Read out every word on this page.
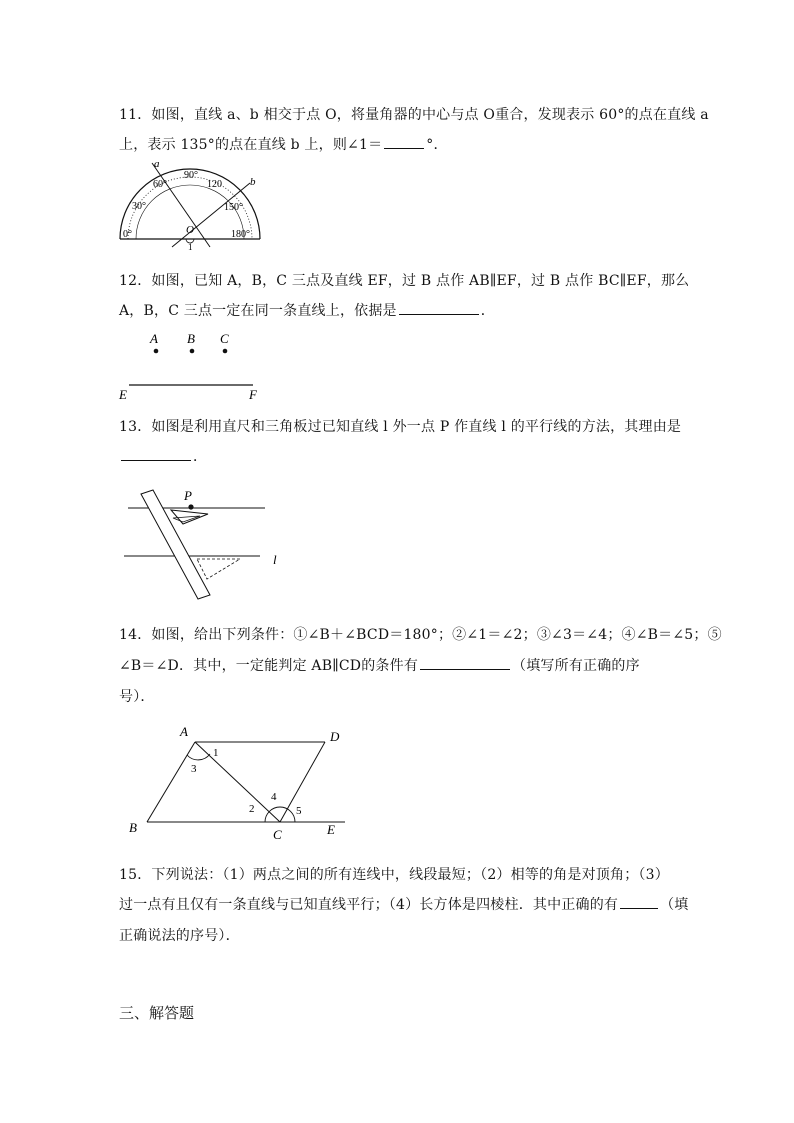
11．如图，直线 a、b 相交于点 O，将量角器的中心与点 O重合，发现表示 60°的点在直线 a
上，表示 135°的点在直线 b 上，则∠1＝	°．
a
b
O
1
0°
30°
60°
90°
120
150°
180°
12．如图，已知 A，B，C 三点及直线 EF，过 B 点作 AB∥EF，过 B 点作 BC∥EF，那么
A，B，C 三点一定在同一条直线上，依据是	．
A B C
E	F
13．如图是利用直尺和三角板过已知直线 l 外一点 P 作直线 l 的平行线的方法，其理由是
．
P
l
14．如图，给出下列条件：①∠B＋∠BCD＝180°；②∠1＝∠2；③∠3＝∠4；④∠B＝∠5；⑤
∠B＝∠D．其中，一定能判定 AB∥CD的条件有	（填写所有正确的序
号）．
A	D
B	C	E
1
3
2
4
5
15．下列说法：（1）两点之间的所有连线中，线段最短；（2）相等的角是对顶角；（3）
过一点有且仅有一条直线与已知直线平行；（4）长方体是四棱柱．其中正确的有	（填
正确说法的序号）．
三、解答题
